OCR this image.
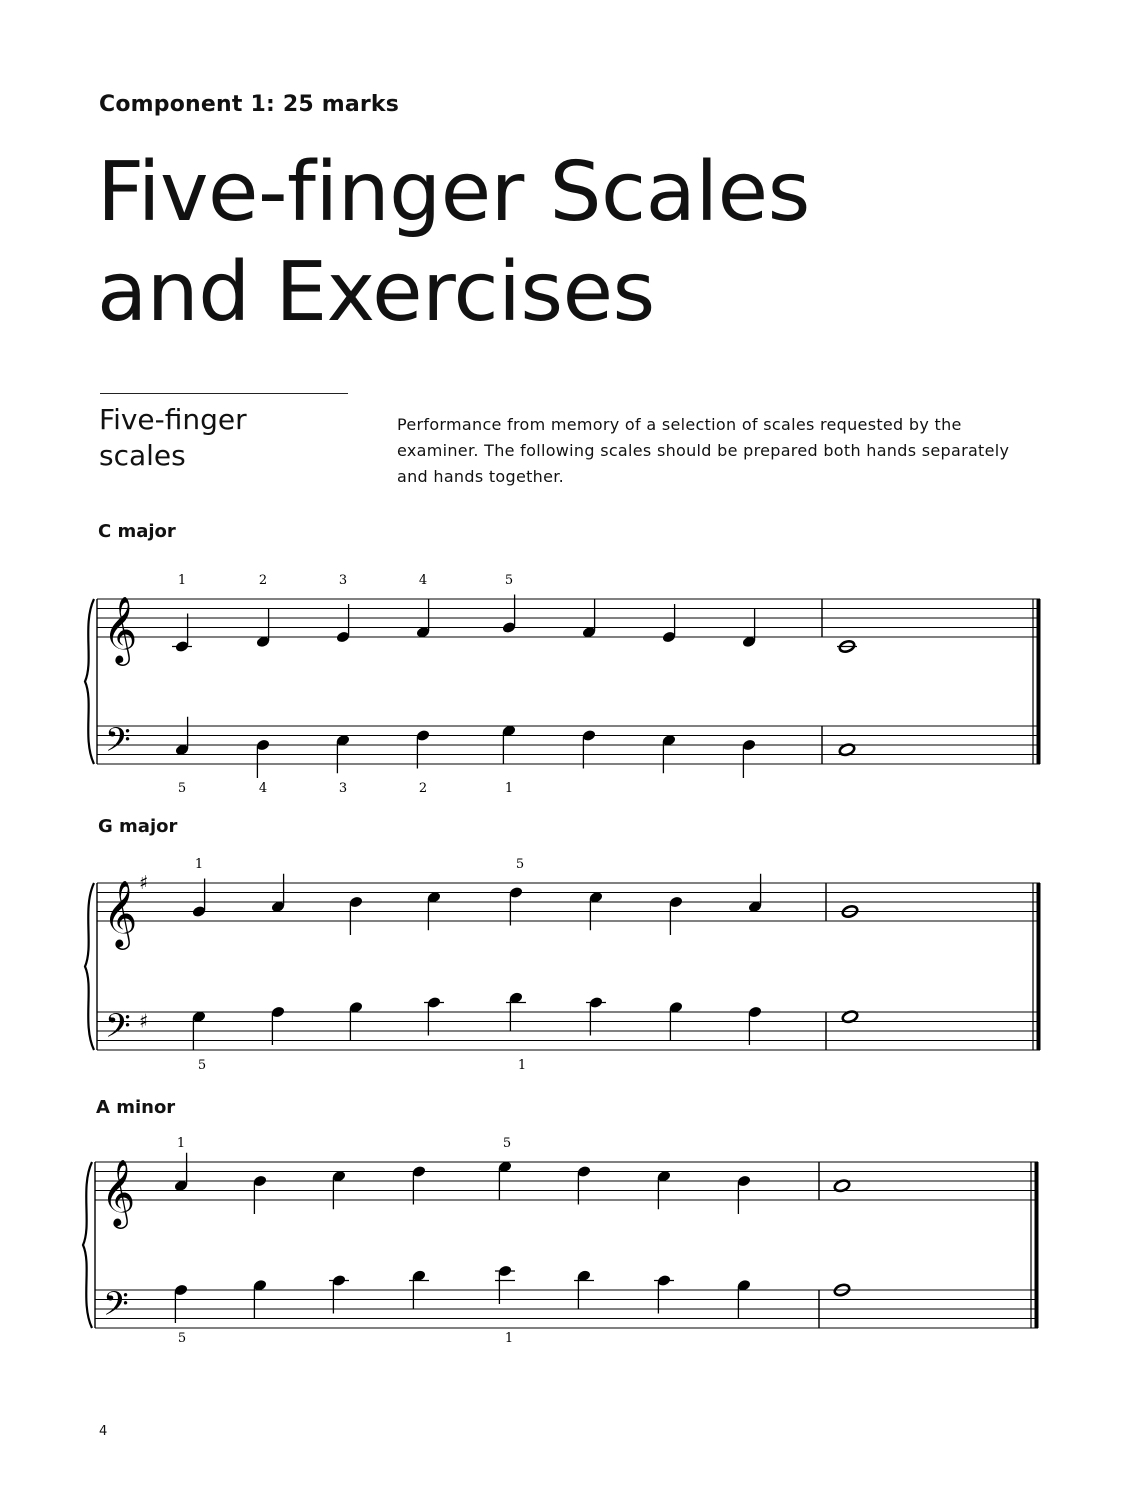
Component 1: 25 marks
Five-finger Scales
and Exercises
Five-finger
scales
Performance from memory of a selection of scales requested by the
examiner. The following scales should be prepared both hands separately
and hands together.
C major
G major
A minor
𝄞
𝄢
1	2	3	4	5
5	4	3	2	1
𝄞
𝄢
♯
♯
1	5
5	1
𝄞
𝄢
1	5
5	1
4
